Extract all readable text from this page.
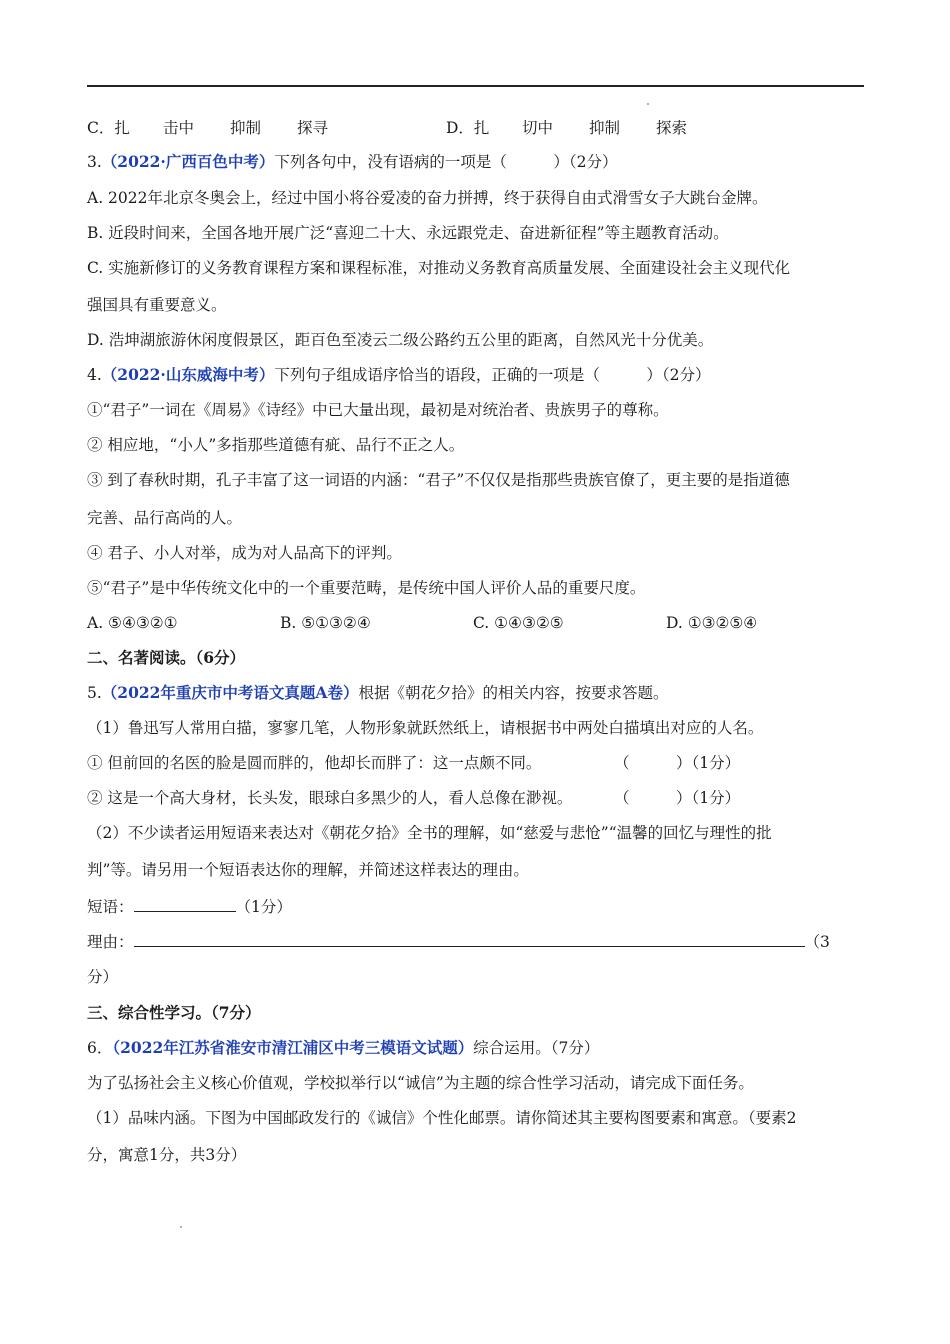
C．扎 击中 抑制 探寻	D．扎 切中 抑制 探索
3.（2022·广西百色中考）下列各句中，没有语病的一项是（　　　）（2分）
A. 2022年北京冬奥会上，经过中国小将谷爱凌的奋力拼搏，终于获得自由式滑雪女子大跳台金牌。
B. 近段时间来，全国各地开展广泛“喜迎二十大、永远跟党走、奋进新征程”等主题教育活动。
C. 实施新修订的义务教育课程方案和课程标准，对推动义务教育高质量发展、全面建设社会主义现代化
强国具有重要意义。
D. 浩坤湖旅游休闲度假景区，距百色至凌云二级公路约五公里的距离，自然风光十分优美。
4.（2022·山东威海中考）下列句子组成语序恰当的语段，正确的一项是（　　　）（2分）
①“君子”一词在《周易》《诗经》中已大量出现，最初是对统治者、贵族男子的尊称。
② 相应地，“小人”多指那些道德有疵、品行不正之人。
③ 到了春秋时期，孔子丰富了这一词语的内涵：“君子”不仅仅是指那些贵族官僚了，更主要的是指道德
完善、品行高尚的人。
④ 君子、小人对举，成为对人品高下的评判。
⑤“君子”是中华传统文化中的一个重要范畴，是传统中国人评价人品的重要尺度。
A. ⑤④③②①	B. ⑤①③②④	C. ①④③②⑤	D. ①③②⑤④
二、名著阅读。（6分）
5.（2022年重庆市中考语文真题A卷）根据《朝花夕拾》的相关内容，按要求答题。
（1）鲁迅写人常用白描，寥寥几笔，人物形象就跃然纸上，请根据书中两处白描填出对应的人名。
① 但前回的名医的脸是圆而胖的，他却长而胖了：这一点颇不同。	（　　　）（1分）
② 这是一个高大身材，长头发，眼球白多黑少的人，看人总像在渺视。	（　　　）（1分）
（2）不少读者运用短语来表达对《朝花夕拾》全书的理解，如“慈爱与悲怆”“温馨的回忆与理性的批
判”等。请另用一个短语表达你的理解，并简述这样表达的理由。
短语：	（1分）
理由：	（3
分）
三、综合性学习。（7分）
6．（2022年江苏省淮安市清江浦区中考三模语文试题）综合运用。（7分）
为了弘扬社会主义核心价值观，学校拟举行以“诚信”为主题的综合性学习活动，请完成下面任务。
（1）品味内涵。下图为中国邮政发行的《诚信》个性化邮票。请你简述其主要构图要素和寓意。（要素2
分，寓意1分，共3分）
